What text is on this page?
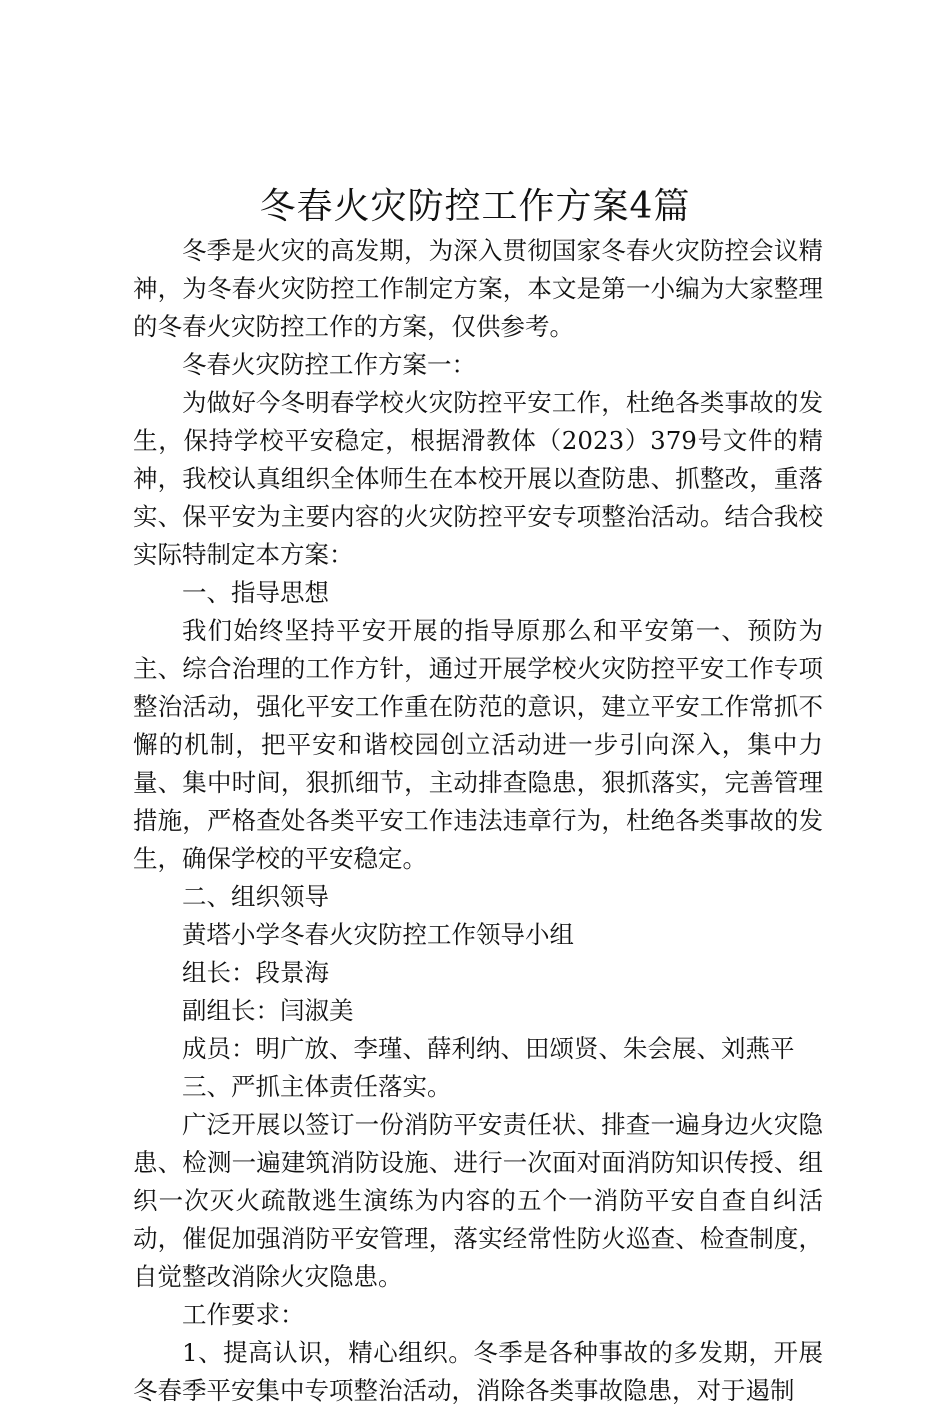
冬春火灾防控工作方案4篇

冬季是火灾的高发期，为深入贯彻国家冬春火灾防控会议精神，为冬春火灾防控工作制定方案，本文是第一小编为大家整理的冬春火灾防控工作的方案，仅供参考。

冬春火灾防控工作方案一：

为做好今冬明春学校火灾防控平安工作，杜绝各类事故的发生，保持学校平安稳定，根据滑教体（2023）379号文件的精神，我校认真组织全体师生在本校开展以查防患、抓整改，重落实、保平安为主要内容的火灾防控平安专项整治活动。结合我校实际特制定本方案：

一、指导思想

我们始终坚持平安开展的指导原那么和平安第一、预防为主、综合治理的工作方针，通过开展学校火灾防控平安工作专项整治活动，强化平安工作重在防范的意识，建立平安工作常抓不懈的机制，把平安和谐校园创立活动进一步引向深入，集中力量、集中时间，狠抓细节，主动排查隐患，狠抓落实，完善管理措施，严格查处各类平安工作违法违章行为，杜绝各类事故的发生，确保学校的平安稳定。

二、组织领导

黄塔小学冬春火灾防控工作领导小组

组长：段景海

副组长：闫淑美

成员：明广放、李瑾、薛利纳、田颂贤、朱会展、刘燕平

三、严抓主体责任落实。

广泛开展以签订一份消防平安责任状、排查一遍身边火灾隐患、检测一遍建筑消防设施、进行一次面对面消防知识传授、组织一次灭火疏散逃生演练为内容的五个一消防平安自查自纠活动，催促加强消防平安管理，落实经常性防火巡查、检查制度，自觉整改消除火灾隐患。

工作要求：

1、提高认识，精心组织。冬季是各种事故的多发期，开展冬春季平安集中专项整治活动，消除各类事故隐患，对于遏制
